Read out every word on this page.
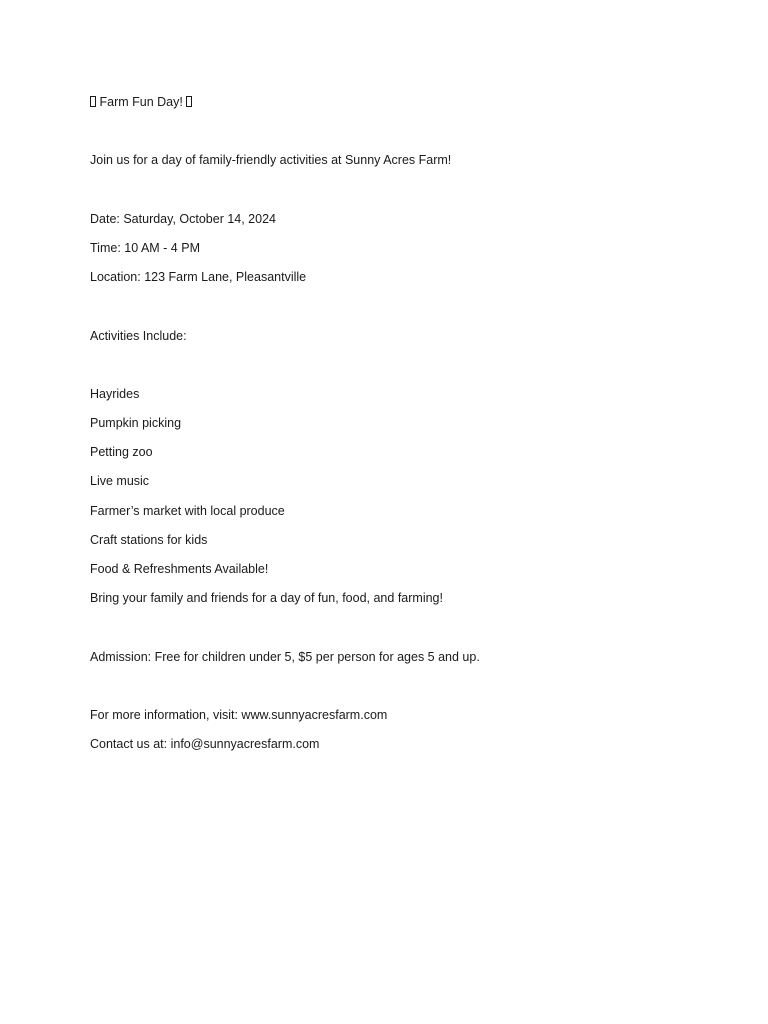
Farm Fun Day!
Join us for a day of family-friendly activities at Sunny Acres Farm!
Date: Saturday, October 14, 2024
Time: 10 AM - 4 PM
Location: 123 Farm Lane, Pleasantville
Activities Include:
Hayrides
Pumpkin picking
Petting zoo
Live music
Farmer’s market with local produce
Craft stations for kids
Food & Refreshments Available!
Bring your family and friends for a day of fun, food, and farming!
Admission: Free for children under 5, $5 per person for ages 5 and up.
For more information, visit: www.sunnyacresfarm.com
Contact us at: info@sunnyacresfarm.com
